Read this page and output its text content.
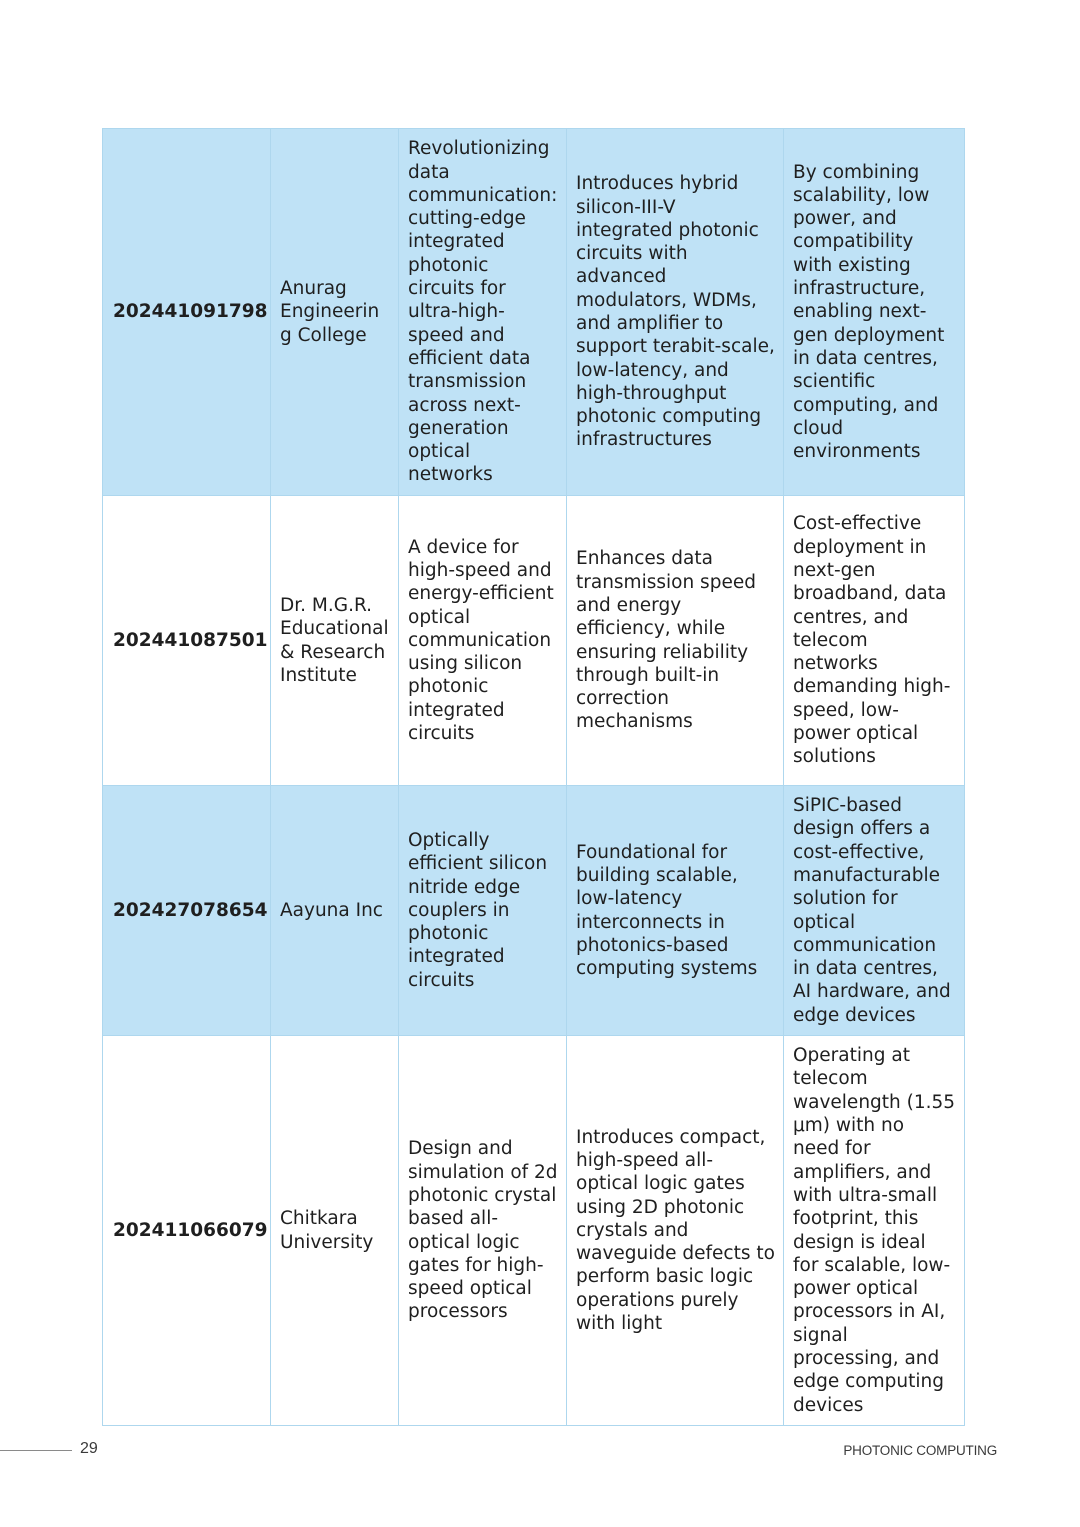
202441091798	Anurag Engineering College	Revolutionizing data communication: cutting-edge integrated photonic circuits for ultra-high-speed and efficient data transmission across next-generation optical networks	Introduces hybrid silicon-III-V integrated photonic circuits with advanced modulators, WDMs, and amplifier to support terabit-scale, low-latency, and high-throughput photonic computing infrastructures	By combining scalability, low power, and compatibility with existing infrastructure, enabling next-gen deployment in data centres, scientific computing, and cloud environments
202441087501	Dr. M.G.R. Educational & Research Institute	A device for high-speed and energy-efficient optical communication using silicon photonic integrated circuits	Enhances data transmission speed and energy efficiency, while ensuring reliability through built-in correction mechanisms	Cost-effective deployment in next-gen broadband, data centres, and telecom networks demanding high-speed, low-power optical solutions
202427078654	Aayuna Inc	Optically efficient silicon nitride edge couplers in photonic integrated circuits	Foundational for building scalable, low-latency interconnects in photonics-based computing systems	SiPIC-based design offers a cost-effective, manufacturable solution for optical communication in data centres, AI hardware, and edge devices
202411066079	Chitkara University	Design and simulation of 2d photonic crystal based all-optical logic gates for high-speed optical processors	Introduces compact, high-speed all-optical logic gates using 2D photonic crystals and waveguide defects to perform basic logic operations purely with light	Operating at telecom wavelength (1.55 μm) with no need for amplifiers, and with ultra-small footprint, this design is ideal for scalable, low-power optical processors in AI, signal processing, and edge computing devices
29	PHOTONIC COMPUTING
